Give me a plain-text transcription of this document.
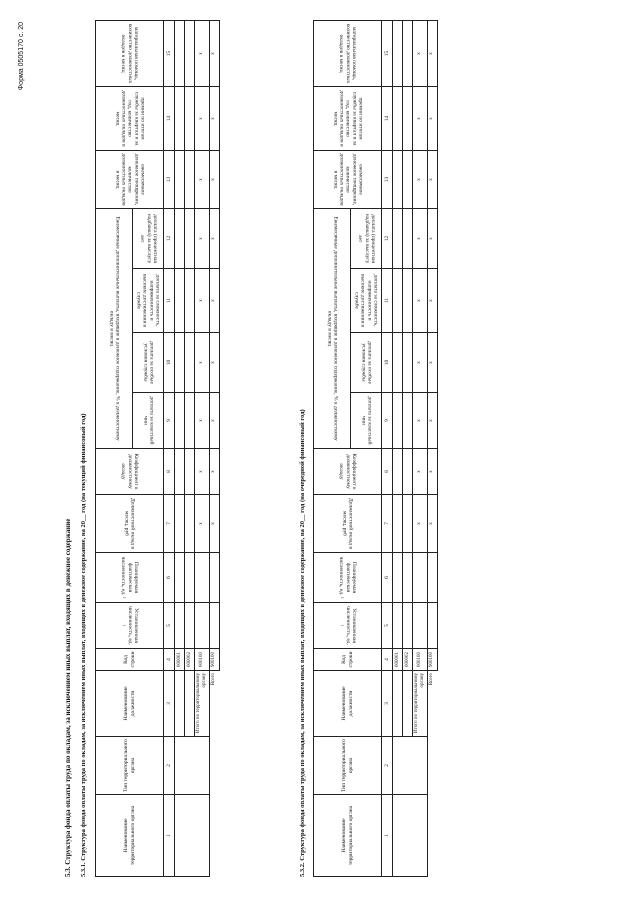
Форма 0505170 с. 20
5.3. Структура фонда оплаты труда по окладам, за исключением иных выплат, входящих в денежное содержание 5.3.1. Структура фонда оплаты труда по окладам, за исключением иных выплат, входящих в денежное содержание, на 20__ год (на текущий финансовый год)	Наименование территориального органа	Тип территориального органа	Наименование должности	Код строки	Установленная численность, ед. ¹	Планируемая фактическая численность, ед. ²	Должностной оклад в месяц, руб	Коэффициент к должностному окладу	Ежемесячные дополнительные выплаты, входящие в денежное содержание, % к должностному окладу в месяц				ежемесячное денежное поощрение, количество должностных окладов в месяц	премии по итогам службы за квартал и за год, количество должностных окладов в месяц	материальная помощь, количество должностных окладов в месяц
								доплата за классный чин	доплата за особые условия службы	доплата за сложность, напряженность и высокие достижения в службе	доплата (процентная надбавка) за выслугу лет			
1	2	3	4	5	6	7	8	9	10	11	12	13	14	15
			000001											
			000002											
		Итого по территориальному органу	000100			x	x	x	x	x	x	x	x	x
Всего			900100			x	x	x	x	x	x	x	x	x
5.3.2. Структура фонда оплаты труда по окладам, за исключением иных выплат, входящих в денежное содержание, на 20__ год (на очередной финансовый год)	Наименование территориального органа	Тип территориального органа	Наименование должности	Код строки	Установленная численность, ед. ¹	Планируемая фактическая численность, ед. ²	Должностной оклад в месяц, руб	Коэффициент к должностному окладу	Ежемесячные дополнительные выплаты, входящие в денежное содержание, % к должностному окладу в месяц				ежемесячное денежное поощрение, количество должностных окладов в месяц	премии по итогам службы за квартал и за год, количество должностных окладов в месяц	материальная помощь, количество должностных окладов в месяц
								доплата за классный чин	доплата за особые условия службы	доплата за сложность, напряженность и высокие достижения в службе	доплата (процентная надбавка) за выслугу лет			
1	2	3	4	5	6	7	8	9	10	11	12	13	14	15
			000001											
			000002											
		Итого по территориальному органу	000100			x	x	x	x	x	x	x	x	x
Всего			900100			x	x	x	x	x	x	x	x	x
